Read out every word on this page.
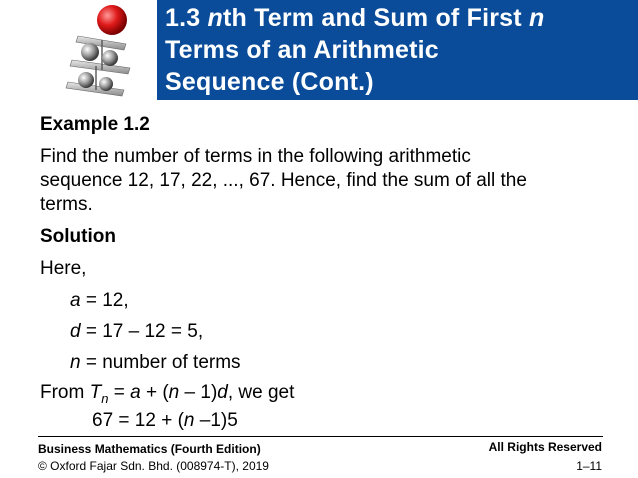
1.3 nth Term and Sum of First n
Terms of an Arithmetic
Sequence (Cont.)
Example 1.2
Find the number of terms in the following arithmetic
sequence 12, 17, 22, ..., 67. Hence, find the sum of all the
terms.
Solution
Here,
a = 12,
d = 17 – 12 = 5,
n = number of terms
From $T_n = a + (n - 1)d$, we get
67 = 12 + (n –1)5
Business Mathematics (Fourth Edition)
© Oxford Fajar Sdn. Bhd. (008974-T), 2019
All Rights Reserved
1–11
